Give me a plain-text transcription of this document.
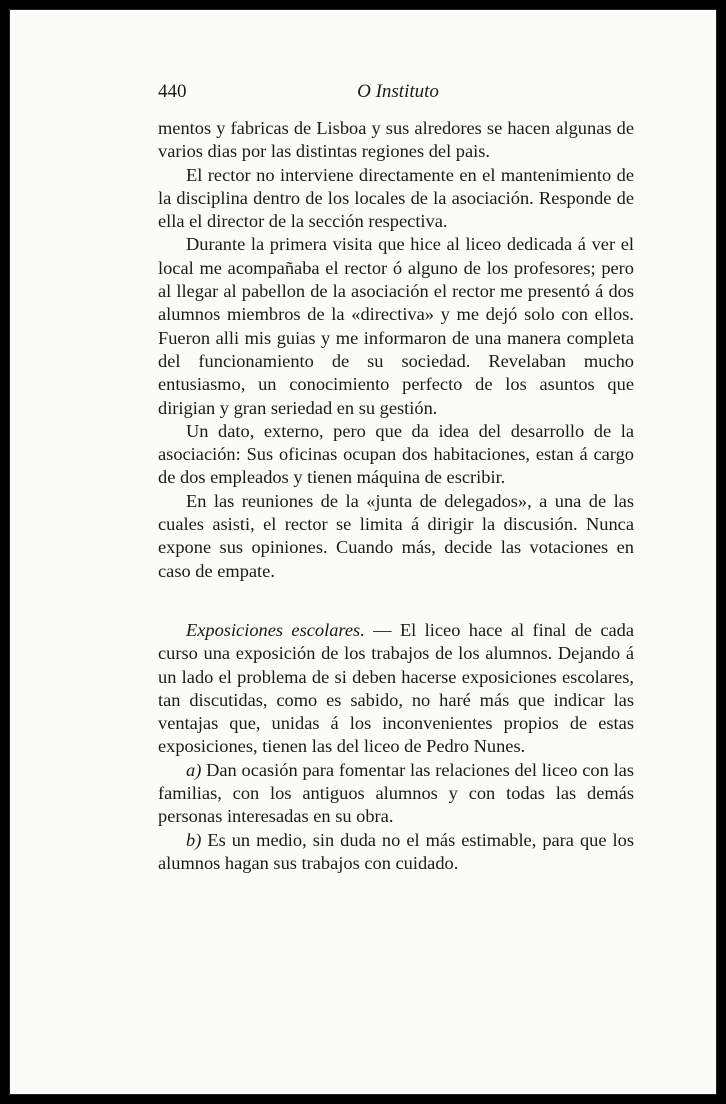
440	O Instituto

mentos y fabricas de Lisboa y sus alredores se hacen algunas de varios dias por las distintas regiones del pais.

El rector no interviene directamente en el mantenimiento de la disciplina dentro de los locales de la asociación. Responde de ella el director de la sección respectiva.

Durante la primera visita que hice al liceo dedicada á ver el local me acompañaba el rector ó alguno de los profesores; pero al llegar al pabellon de la asociación el rector me presentó á dos alumnos miembros de la «directiva» y me dejó solo con ellos. Fueron alli mis guias y me informaron de una manera completa del funcionamiento de su sociedad. Revelaban mucho entusiasmo, un conocimiento perfecto de los asuntos que dirigian y gran seriedad en su gestión.

Un dato, externo, pero que da idea del desarrollo de la asociación: Sus oficinas ocupan dos habitaciones, estan á cargo de dos empleados y tienen máquina de escribir.

En las reuniones de la «junta de delegados», a una de las cuales asisti, el rector se limita á dirigir la discusión. Nunca expone sus opiniones. Cuando más, decide las votaciones en caso de empate.

Exposiciones escolares. — El liceo hace al final de cada curso una exposición de los trabajos de los alumnos. Dejando á un lado el problema de si deben hacerse exposiciones escolares, tan discutidas, como es sabido, no haré más que indicar las ventajas que, unidas á los inconvenientes propios de estas exposiciones, tienen las del liceo de Pedro Nunes.

a) Dan ocasión para fomentar las relaciones del liceo con las familias, con los antiguos alumnos y con todas las demás personas interesadas en su obra.

b) Es un medio, sin duda no el más estimable, para que los alumnos hagan sus trabajos con cuidado.
